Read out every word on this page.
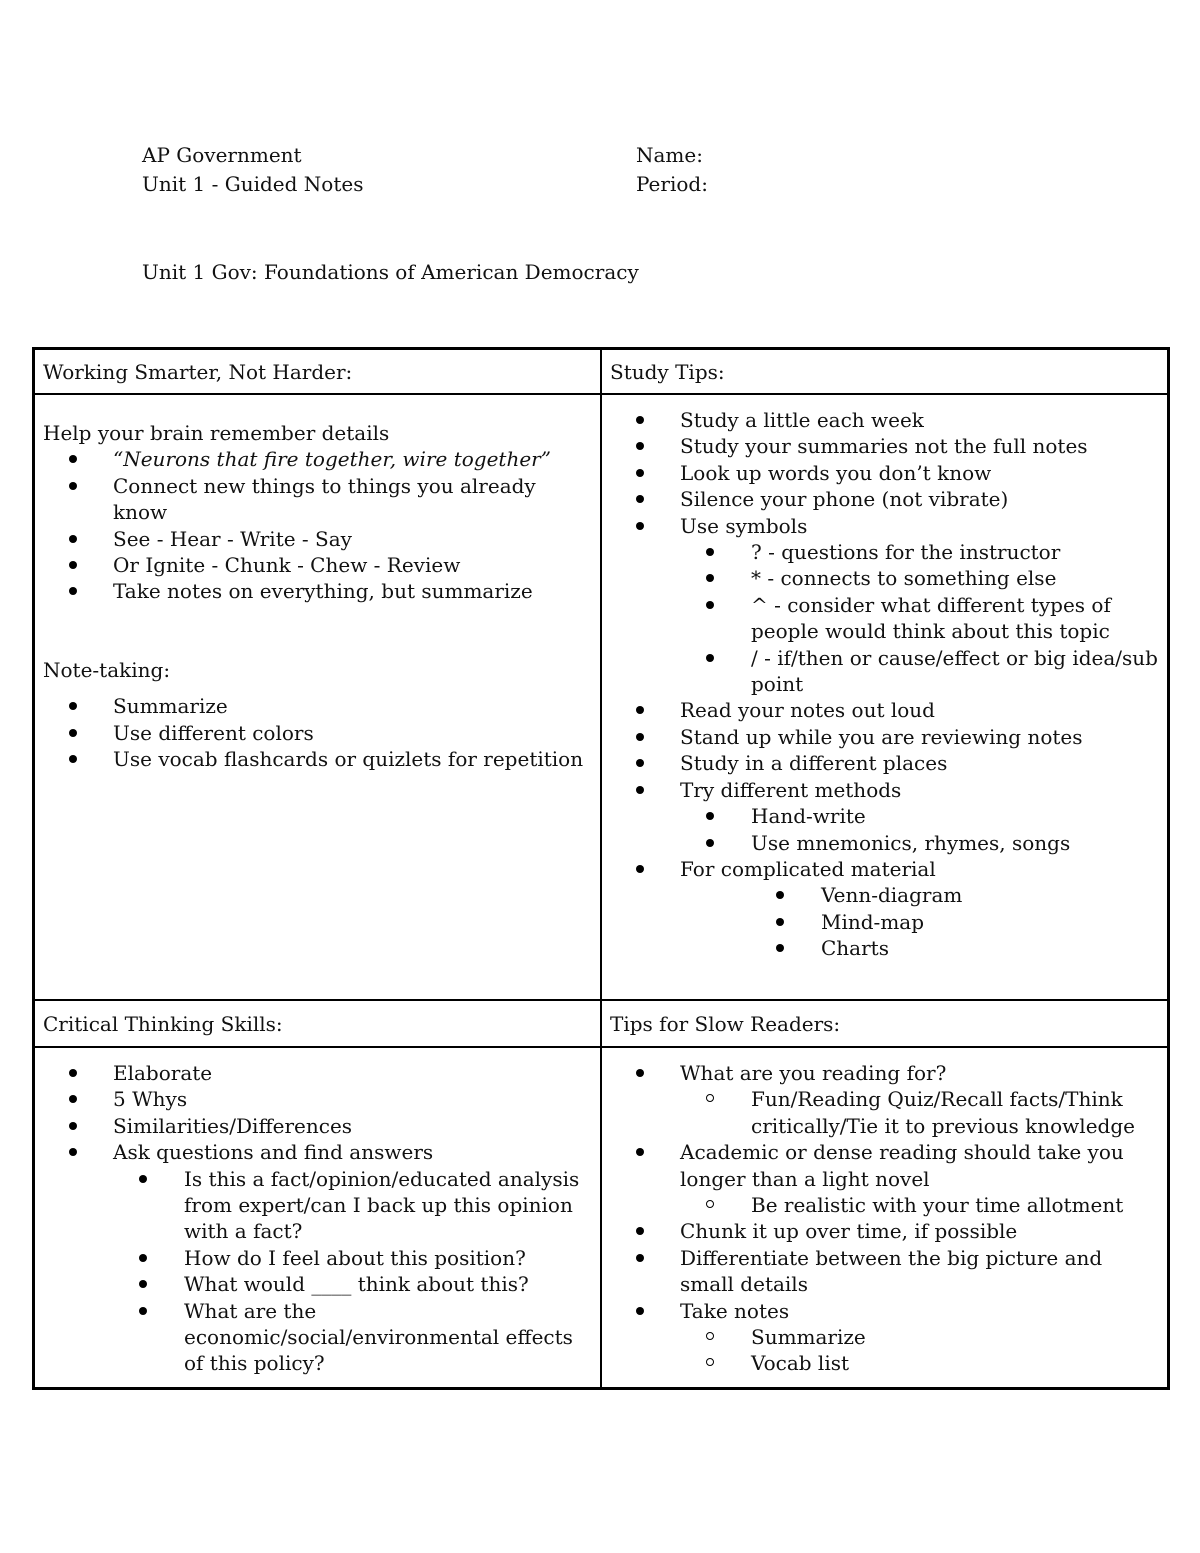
AP Government
Unit 1 - Guided Notes
Name:
Period:
Unit 1 Gov: Foundations of American Democracy
Working Smarter, Not Harder:	Study Tips:

Help your brain remember details

“Neurons that fire together, wire together”
Connect new things to things you already know
See - Hear - Write - Say
Or Ignite - Chunk - Chew - Review
Take notes on everything, but summarize

Note-taking:

Summarize
Use different colors
Use vocab flashcards or quizlets for repetition
Study a little each week
Study your summaries not the full notes
Look up words you don’t know
Silence your phone (not vibrate)
Use symbols
? - questions for the instructor
* - connects to something else
^ - consider what different types of people would think about this topic
/ - if/then or cause/effect or big idea/sub point
Read your notes out loud
Stand up while you are reviewing notes
Study in a different places
Try different methods
Hand-write
Use mnemonics, rhymes, songs
For complicated material
Venn-diagram
Mind-map
Charts
Critical Thinking Skills:	Tips for Slow Readers:
Elaborate
5 Whys
Similarities/Differences
Ask questions and find answers
Is this a fact/opinion/educated analysis from expert/can I back up this opinion with a fact?
How do I feel about this position?
What would ____ think about this?
What are the economic/social/environmental effects of this policy?
What are you reading for?
Fun/Reading Quiz/Recall facts/Think critically/Tie it to previous knowledge
Academic or dense reading should take you longer than a light novel
Be realistic with your time allotment
Chunk it up over time, if possible
Differentiate between the big picture and small details
Take notes
Summarize
Vocab list
